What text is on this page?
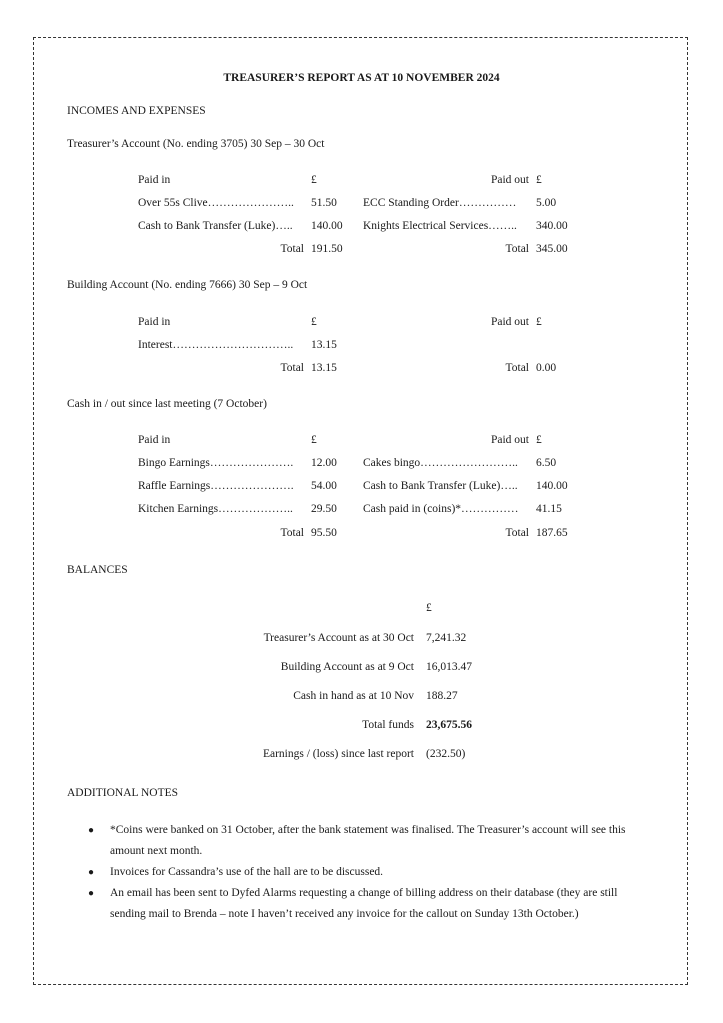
TREASURER’S REPORT AS AT 10 NOVEMBER 2024
INCOMES AND EXPENSES
Treasurer’s Account (No. ending 3705) 30 Sep – 30 Oct
Paid in	£	Paid out £
Over 55s Clive………………….. 51.50 ECC Standing Order…………… 5.00
Cash to Bank Transfer (Luke)….. 140.00 Knights Electrical Services…….. 340.00
Total 191.50	Total 345.00
Building Account (No. ending 7666) 30 Sep – 9 Oct
Paid in	£	Paid out £
Interest………………………….. 13.15
Total 13.15	Total 0.00
Cash in / out since last meeting (7 October)
Paid in	£	Paid out £
Bingo Earnings…………………. 12.00 Cakes bingo…………………….. 6.50
Raffle Earnings…………………. 54.00 Cash to Bank Transfer (Luke)….. 140.00
Kitchen Earnings……………….. 29.50 Cash paid in (coins)*…………… 41.15
Total 95.50	Total 187.65
BALANCES
£
Treasurer’s Account as at 30 Oct 7,241.32
Building Account as at 9 Oct 16,013.47
Cash in hand as at 10 Nov 188.27
Total funds 23,675.56
Earnings / (loss) since last report (232.50)
ADDITIONAL NOTES
● *Coins were banked on 31 October, after the bank statement was finalised. The Treasurer’s account will see this amount next month.
● Invoices for Cassandra’s use of the hall are to be discussed.
● An email has been sent to Dyfed Alarms requesting a change of billing address on their database (they are still sending mail to Brenda – note I haven’t received any invoice for the callout on Sunday 13th October.)
